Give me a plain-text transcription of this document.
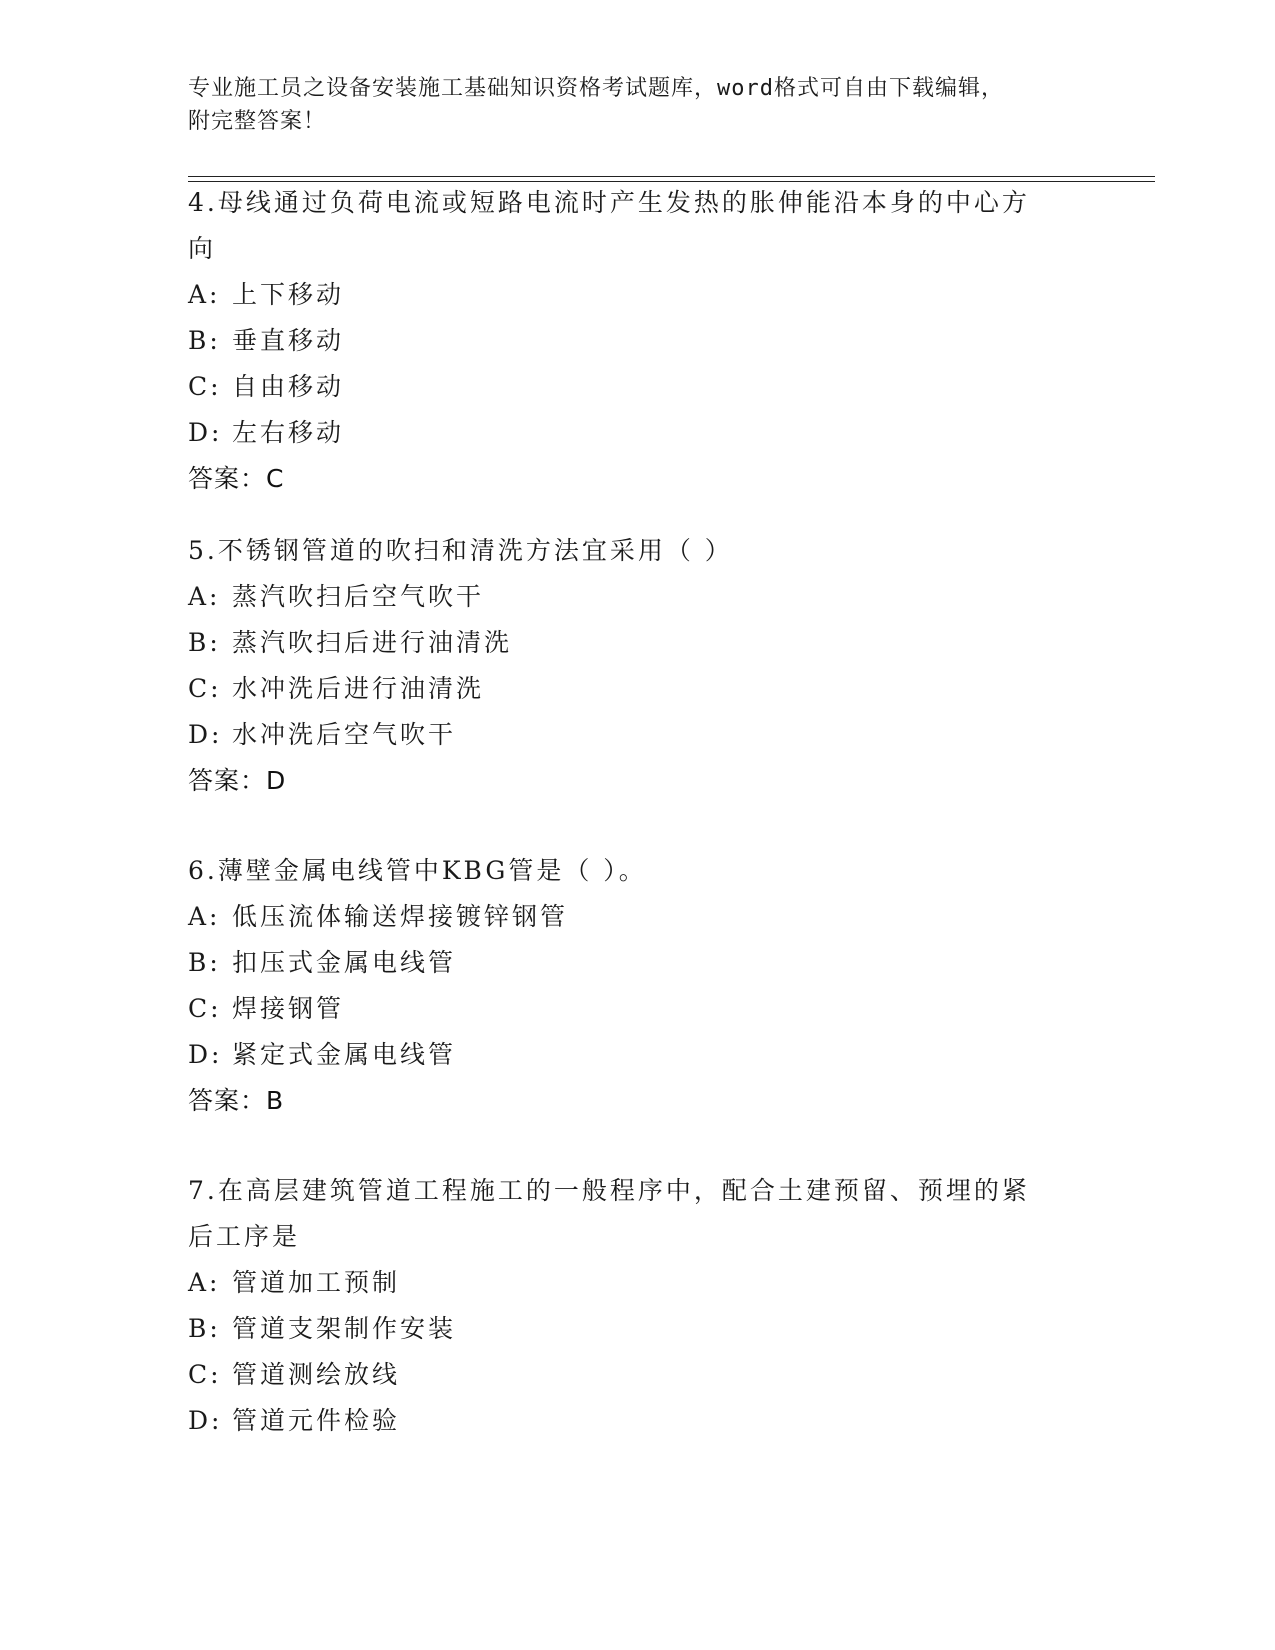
专业施工员之设备安装施工基础知识资格考试题库，word格式可自由下载编辑，
附完整答案！
4.母线通过负荷电流或短路电流时产生发热的胀伸能沿本身的中心方
向
A: 上下移动
B: 垂直移动
C: 自由移动
D: 左右移动
答案：C
5.不锈钢管道的吹扫和清洗方法宜采用（ ）
A: 蒸汽吹扫后空气吹干
B: 蒸汽吹扫后进行油清洗
C: 水冲洗后进行油清洗
D: 水冲洗后空气吹干
答案：D
6.薄壁金属电线管中KBG管是（ ）。
A: 低压流体输送焊接镀锌钢管
B: 扣压式金属电线管
C: 焊接钢管
D: 紧定式金属电线管
答案：B
7.在高层建筑管道工程施工的一般程序中，配合土建预留、预埋的紧
后工序是
A: 管道加工预制
B: 管道支架制作安装
C: 管道测绘放线
D: 管道元件检验
